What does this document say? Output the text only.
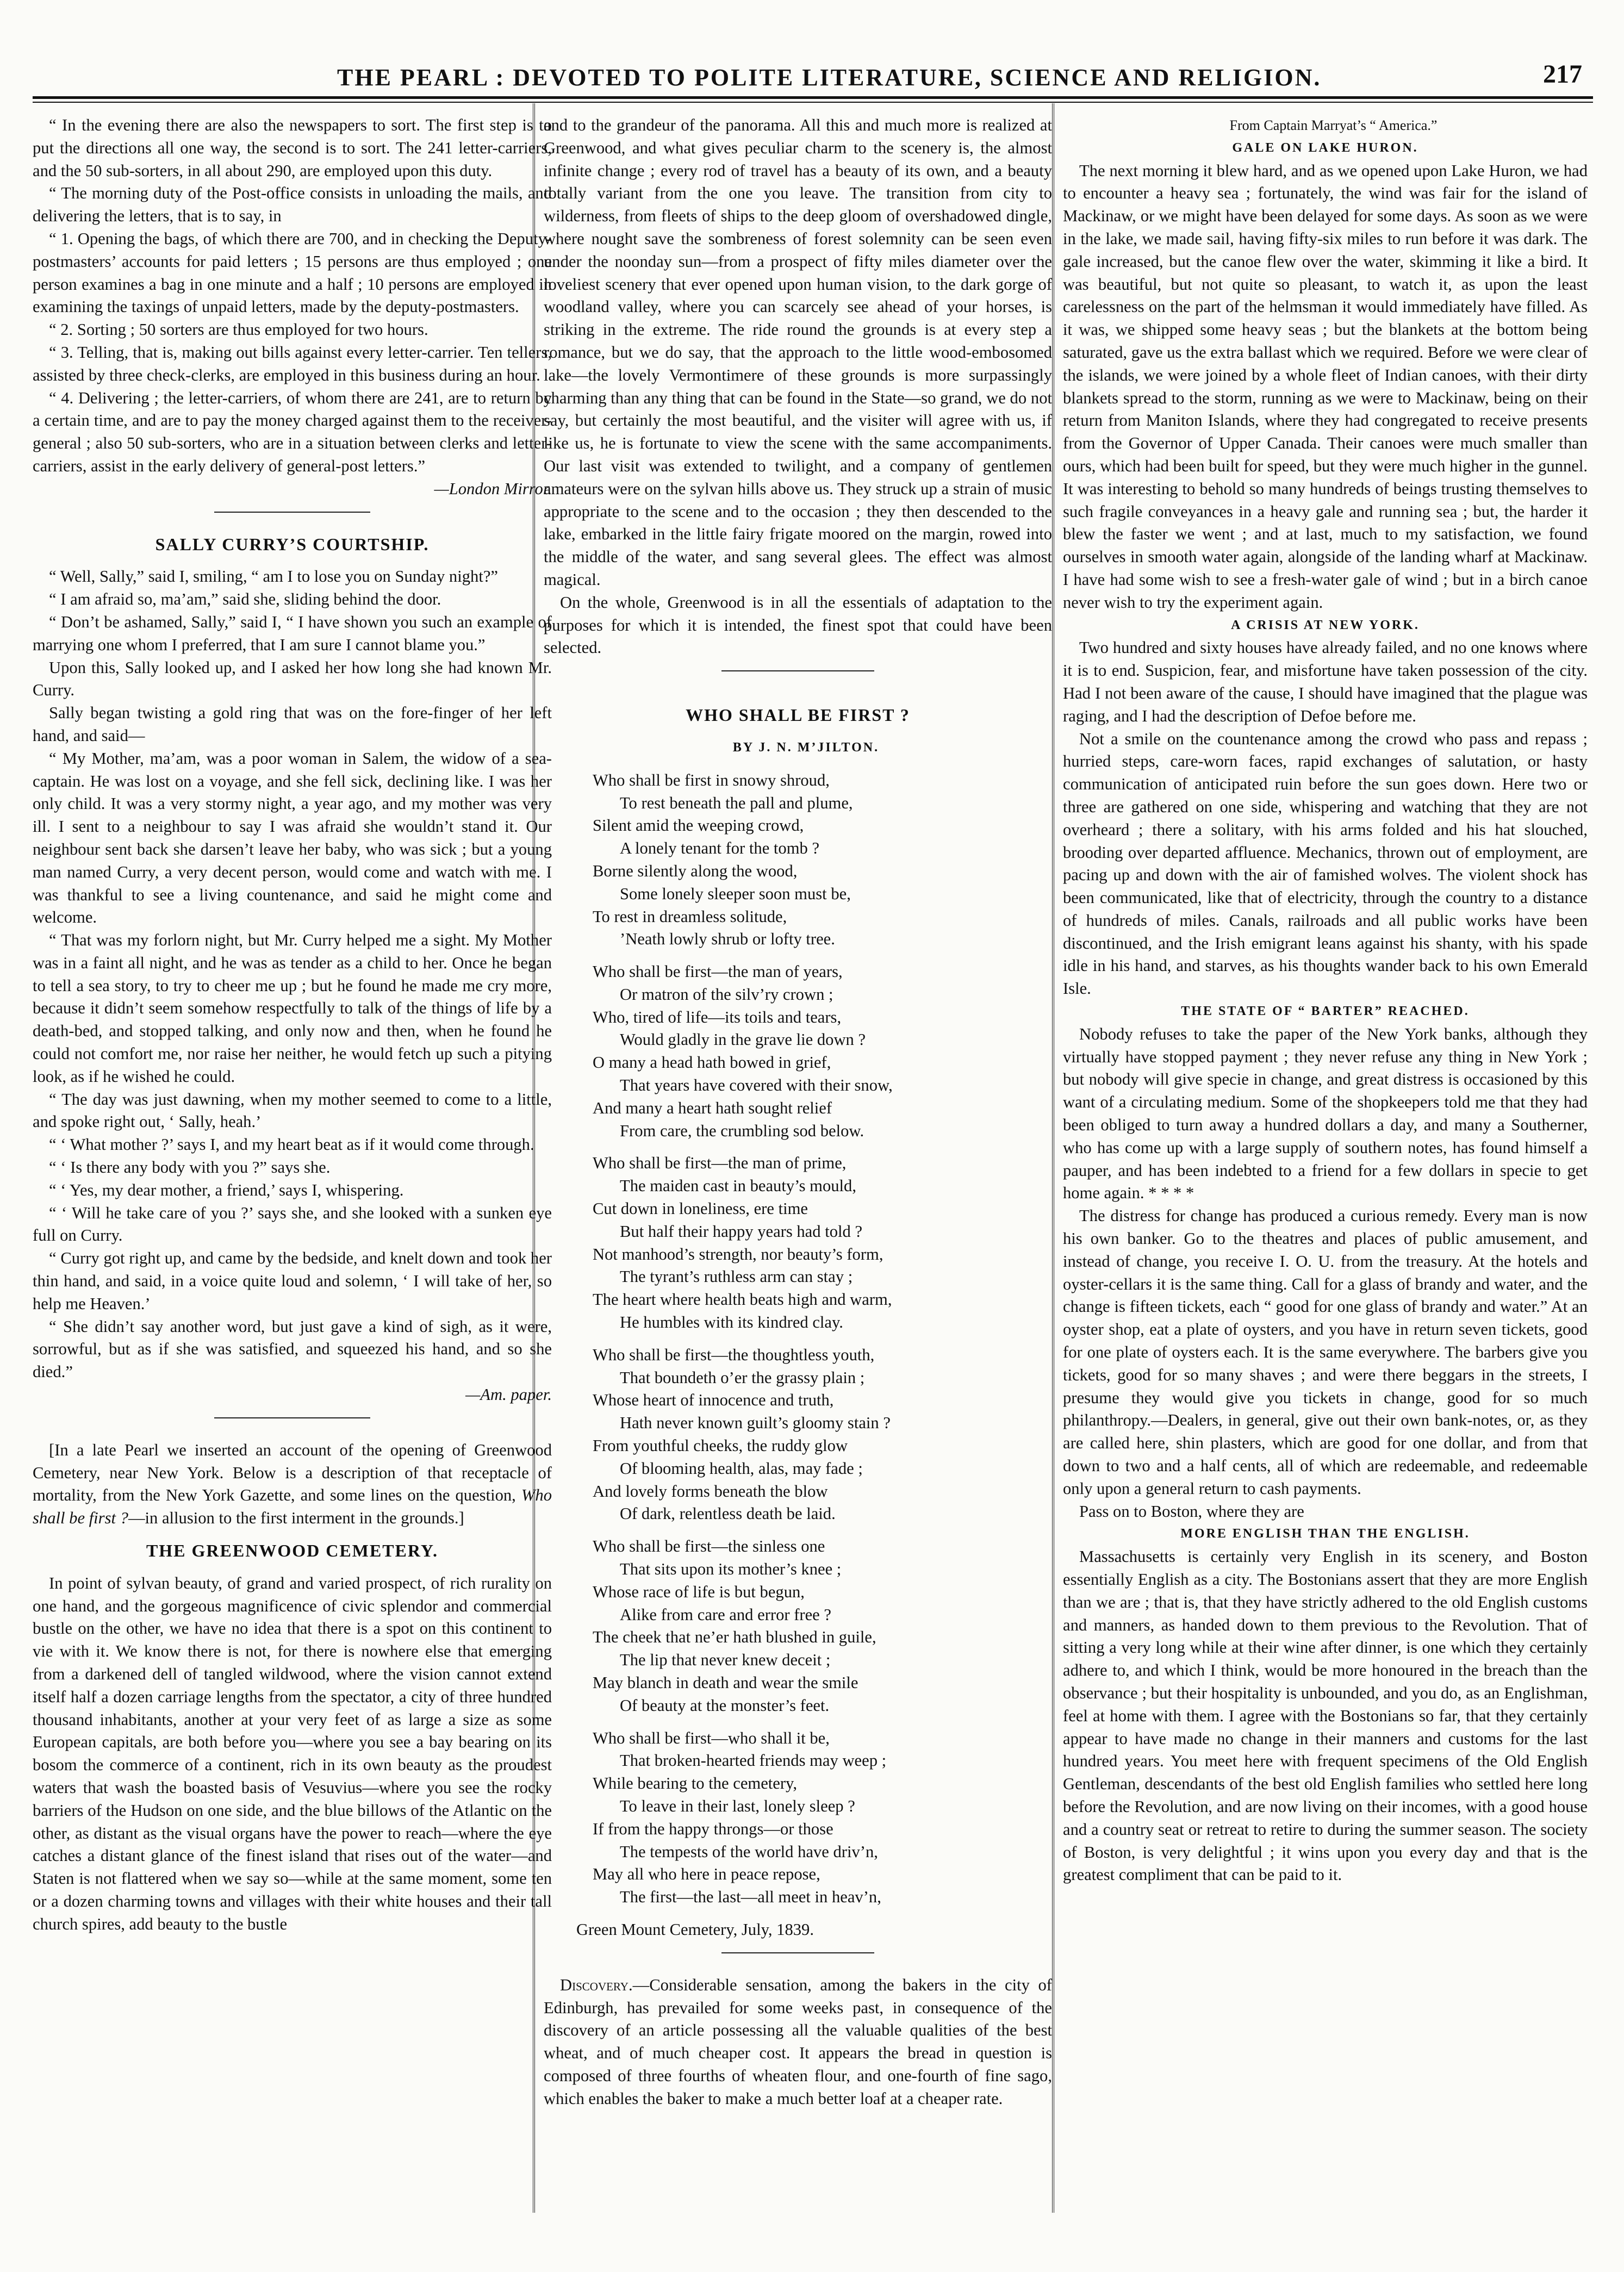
THE PEARL : DEVOTED TO POLITE LITERATURE, SCIENCE AND RELIGION.	217

“ In the evening there are also the newspapers to sort. The first step is to put the directions all one way, the second is to sort. The 241 letter-carriers, and the 50 sub-sorters, in all about 290, are employed upon this duty.

“ The morning duty of the Post-office consists in unloading the mails, and delivering the letters, that is to say, in

“ 1. Opening the bags, of which there are 700, and in checking the Deputy-postmasters’ accounts for paid letters ; 15 persons are thus employed ; one person examines a bag in one minute and a half ; 10 persons are employed in examining the taxings of unpaid letters, made by the deputy-postmasters.

“ 2. Sorting ; 50 sorters are thus employed for two hours.

“ 3. Telling, that is, making out bills against every letter-carrier. Ten tellers, assisted by three check-clerks, are employed in this business during an hour.

“ 4. Delivering ; the letter-carriers, of whom there are 241, are to return by a certain time, and are to pay the money charged against them to the receiver-general ; also 50 sub-sorters, who are in a situation between clerks and letter-carriers, assist in the early delivery of general-post letters.”

—London Mirror.

SALLY CURRY’S COURTSHIP.

“ Well, Sally,” said I, smiling, “ am I to lose you on Sunday night?”

“ I am afraid so, ma’am,” said she, sliding behind the door.

“ Don’t be ashamed, Sally,” said I, “ I have shown you such an example of marrying one whom I preferred, that I am sure I cannot blame you.”

Upon this, Sally looked up, and I asked her how long she had known Mr. Curry.

Sally began twisting a gold ring that was on the fore-finger of her left hand, and said—

“ My Mother, ma’am, was a poor woman in Salem, the widow of a sea-captain. He was lost on a voyage, and she fell sick, declining like. I was her only child. It was a very stormy night, a year ago, and my mother was very ill. I sent to a neighbour to say I was afraid she wouldn’t stand it. Our neighbour sent back she darsen’t leave her baby, who was sick ; but a young man named Curry, a very decent person, would come and watch with me. I was thankful to see a living countenance, and said he might come and welcome.

“ That was my forlorn night, but Mr. Curry helped me a sight. My Mother was in a faint all night, and he was as tender as a child to her. Once he began to tell a sea story, to try to cheer me up ; but he found he made me cry more, because it didn’t seem somehow respectfully to talk of the things of life by a death-bed, and stopped talking, and only now and then, when he found he could not comfort me, nor raise her neither, he would fetch up such a pitying look, as if he wished he could.

“ The day was just dawning, when my mother seemed to come to a little, and spoke right out, ‘ Sally, heah.’

“ ‘ What mother ?’ says I, and my heart beat as if it would come through.

“ ‘ Is there any body with you ?” says she.

“ ‘ Yes, my dear mother, a friend,’ says I, whispering.

“ ‘ Will he take care of you ?’ says she, and she looked with a sunken eye full on Curry.

“ Curry got right up, and came by the bedside, and knelt down and took her thin hand, and said, in a voice quite loud and solemn, ‘ I will take of her, so help me Heaven.’

“ She didn’t say another word, but just gave a kind of sigh, as it were, sorrowful, but as if she was satisfied, and squeezed his hand, and so she died.”

—Am. paper.

[In a late Pearl we inserted an account of the opening of Greenwood Cemetery, near New York. Below is a description of that receptacle of mortality, from the New York Gazette, and some lines on the question, Who shall be first ?—in allusion to the first interment in the grounds.]

THE GREENWOOD CEMETERY.

In point of sylvan beauty, of grand and varied prospect, of rich rurality on one hand, and the gorgeous magnificence of civic splendor and commercial bustle on the other, we have no idea that there is a spot on this continent to vie with it. We know there is not, for there is nowhere else that emerging from a darkened dell of tangled wildwood, where the vision cannot extend itself half a dozen carriage lengths from the spectator, a city of three hundred thousand inhabitants, another at your very feet of as large a size as some European capitals, are both before you—where you see a bay bearing on its bosom the commerce of a continent, rich in its own beauty as the proudest waters that wash the boasted basis of Vesuvius—where you see the rocky barriers of the Hudson on one side, and the blue billows of the Atlantic on the other, as distant as the visual organs have the power to reach—where the eye catches a distant glance of the finest island that rises out of the water—and Staten is not flattered when we say so—while at the same moment, some ten or a dozen charming towns and villages with their white houses and their tall church spires, add beauty to the bustle

and to the grandeur of the panorama. All this and much more is realized at Greenwood, and what gives peculiar charm to the scenery is, the almost infinite change ; every rod of travel has a beauty of its own, and a beauty totally variant from the one you leave. The transition from city to wilderness, from fleets of ships to the deep gloom of overshadowed dingle, where nought save the sombreness of forest solemnity can be seen even under the noonday sun—from a prospect of fifty miles diameter over the loveliest scenery that ever opened upon human vision, to the dark gorge of woodland valley, where you can scarcely see ahead of your horses, is striking in the extreme. The ride round the grounds is at every step a romance, but we do say, that the approach to the little wood-embosomed lake—the lovely Vermontimere of these grounds is more surpassingly charming than any thing that can be found in the State—so grand, we do not say, but certainly the most beautiful, and the visiter will agree with us, if like us, he is fortunate to view the scene with the same accompaniments. Our last visit was extended to twilight, and a company of gentlemen amateurs were on the sylvan hills above us. They struck up a strain of music appropriate to the scene and to the occasion ; they then descended to the lake, embarked in the little fairy frigate moored on the margin, rowed into the middle of the water, and sang several glees. The effect was almost magical.

On the whole, Greenwood is in all the essentials of adaptation to the purposes for which it is intended, the finest spot that could have been selected.

WHO SHALL BE FIRST ?

BY J. N. M’JILTON.

Who shall be first in snowy shroud,

To rest beneath the pall and plume,

Silent amid the weeping crowd,

A lonely tenant for the tomb ?

Borne silently along the wood,

Some lonely sleeper soon must be,

To rest in dreamless solitude,

’Neath lowly shrub or lofty tree.

Who shall be first—the man of years,

Or matron of the silv’ry crown ;

Who, tired of life—its toils and tears,

Would gladly in the grave lie down ?

O many a head hath bowed in grief,

That years have covered with their snow,

And many a heart hath sought relief

From care, the crumbling sod below.

Who shall be first—the man of prime,

The maiden cast in beauty’s mould,

Cut down in loneliness, ere time

But half their happy years had told ?

Not manhood’s strength, nor beauty’s form,

The tyrant’s ruthless arm can stay ;

The heart where health beats high and warm,

He humbles with its kindred clay.

Who shall be first—the thoughtless youth,

That boundeth o’er the grassy plain ;

Whose heart of innocence and truth,

Hath never known guilt’s gloomy stain ?

From youthful cheeks, the ruddy glow

Of blooming health, alas, may fade ;

And lovely forms beneath the blow

Of dark, relentless death be laid.

Who shall be first—the sinless one

That sits upon its mother’s knee ;

Whose race of life is but begun,

Alike from care and error free ?

The cheek that ne’er hath blushed in guile,

The lip that never knew deceit ;

May blanch in death and wear the smile

Of beauty at the monster’s feet.

Who shall be first—who shall it be,

That broken-hearted friends may weep ;

While bearing to the cemetery,

To leave in their last, lonely sleep ?

If from the happy throngs—or those

The tempests of the world have driv’n,

May all who here in peace repose,

The first—the last—all meet in heav’n,

Green Mount Cemetery, July, 1839.

Discovery.—Considerable sensation, among the bakers in the city of Edinburgh, has prevailed for some weeks past, in consequence of the discovery of an article possessing all the valuable qualities of the best wheat, and of much cheaper cost. It appears the bread in question is composed of three fourths of wheaten flour, and one-fourth of fine sago, which enables the baker to make a much better loaf at a cheaper rate.

From Captain Marryat’s “ America.”

GALE ON LAKE HURON.

The next morning it blew hard, and as we opened upon Lake Huron, we had to encounter a heavy sea ; fortunately, the wind was fair for the island of Mackinaw, or we might have been delayed for some days. As soon as we were in the lake, we made sail, having fifty-six miles to run before it was dark. The gale increased, but the canoe flew over the water, skimming it like a bird. It was beautiful, but not quite so pleasant, to watch it, as upon the least carelessness on the part of the helmsman it would immediately have filled. As it was, we shipped some heavy seas ; but the blankets at the bottom being saturated, gave us the extra ballast which we required. Before we were clear of the islands, we were joined by a whole fleet of Indian canoes, with their dirty blankets spread to the storm, running as we were to Mackinaw, being on their return from Maniton Islands, where they had congregated to receive presents from the Governor of Upper Canada. Their canoes were much smaller than ours, which had been built for speed, but they were much higher in the gunnel. It was interesting to behold so many hundreds of beings trusting themselves to such fragile conveyances in a heavy gale and running sea ; but, the harder it blew the faster we went ; and at last, much to my satisfaction, we found ourselves in smooth water again, alongside of the landing wharf at Mackinaw. I have had some wish to see a fresh-water gale of wind ; but in a birch canoe never wish to try the experiment again.

A CRISIS AT NEW YORK.

Two hundred and sixty houses have already failed, and no one knows where it is to end. Suspicion, fear, and misfortune have taken possession of the city. Had I not been aware of the cause, I should have imagined that the plague was raging, and I had the description of Defoe before me.

Not a smile on the countenance among the crowd who pass and repass ; hurried steps, care-worn faces, rapid exchanges of salutation, or hasty communication of anticipated ruin before the sun goes down. Here two or three are gathered on one side, whispering and watching that they are not overheard ; there a solitary, with his arms folded and his hat slouched, brooding over departed affluence. Mechanics, thrown out of employment, are pacing up and down with the air of famished wolves. The violent shock has been communicated, like that of electricity, through the country to a distance of hundreds of miles. Canals, railroads and all public works have been discontinued, and the Irish emigrant leans against his shanty, with his spade idle in his hand, and starves, as his thoughts wander back to his own Emerald Isle.

THE STATE OF “ BARTER” REACHED.

Nobody refuses to take the paper of the New York banks, although they virtually have stopped payment ; they never refuse any thing in New York ; but nobody will give specie in change, and great distress is occasioned by this want of a circulating medium. Some of the shopkeepers told me that they had been obliged to turn away a hundred dollars a day, and many a Southerner, who has come up with a large supply of southern notes, has found himself a pauper, and has been indebted to a friend for a few dollars in specie to get home again. * * * *

The distress for change has produced a curious remedy. Every man is now his own banker. Go to the theatres and places of public amusement, and instead of change, you receive I. O. U. from the treasury. At the hotels and oyster-cellars it is the same thing. Call for a glass of brandy and water, and the change is fifteen tickets, each “ good for one glass of brandy and water.” At an oyster shop, eat a plate of oysters, and you have in return seven tickets, good for one plate of oysters each. It is the same everywhere. The barbers give you tickets, good for so many shaves ; and were there beggars in the streets, I presume they would give you tickets in change, good for so much philanthropy.—Dealers, in general, give out their own bank-notes, or, as they are called here, shin plasters, which are good for one dollar, and from that down to two and a half cents, all of which are redeemable, and redeemable only upon a general return to cash payments.

Pass on to Boston, where they are

MORE ENGLISH THAN THE ENGLISH.

Massachusetts is certainly very English in its scenery, and Boston essentially English as a city. The Bostonians assert that they are more English than we are ; that is, that they have strictly adhered to the old English customs and manners, as handed down to them previous to the Revolution. That of sitting a very long while at their wine after dinner, is one which they certainly adhere to, and which I think, would be more honoured in the breach than the observance ; but their hospitality is unbounded, and you do, as an Englishman, feel at home with them. I agree with the Bostonians so far, that they certainly appear to have made no change in their manners and customs for the last hundred years. You meet here with frequent specimens of the Old English Gentleman, descendants of the best old English families who settled here long before the Revolution, and are now living on their incomes, with a good house and a country seat or retreat to retire to during the summer season. The society of Boston, is very delightful ; it wins upon you every day and that is the greatest compliment that can be paid to it.
